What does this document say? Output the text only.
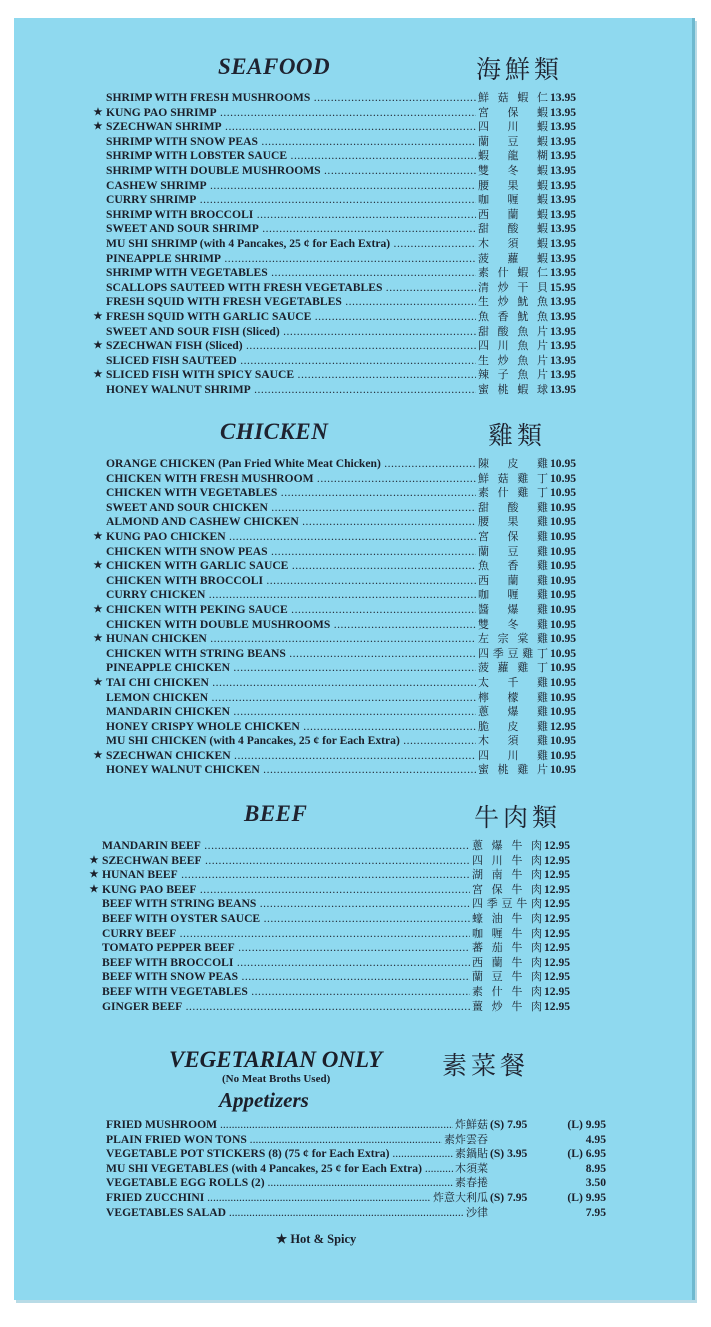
SEAFOOD	海鮮類
SHRIMP WITH FRESH MUSHROOMS .....	鮮菇蝦仁 13.95
★ KUNG PAO SHRIMP .....	宮保蝦 13.95
★ SZECHWAN SHRIMP .....	四川蝦 13.95
SHRIMP WITH SNOW PEAS .....	蘭豆蝦 13.95
SHRIMP WITH LOBSTER SAUCE .....	蝦龍糊 13.95
SHRIMP WITH DOUBLE MUSHROOMS .....	雙冬蝦 13.95
CASHEW SHRIMP .....	腰果蝦 13.95
CURRY SHRIMP .....	咖喱蝦 13.95
SHRIMP WITH BROCCOLI .....	西蘭蝦 13.95
SWEET AND SOUR SHRIMP .....	甜酸蝦 13.95
MU SHI SHRIMP (with 4 Pancakes, 25 ¢ for Each Extra) .....	木須蝦 13.95
PINEAPPLE SHRIMP .....	菠蘿蝦 13.95
SHRIMP WITH VEGETABLES .....	素什蝦仁 13.95
SCALLOPS SAUTEED WITH FRESH VEGETABLES .....	清炒干貝 15.95
FRESH SQUID WITH FRESH VEGETABLES .....	生炒魷魚 13.95
★ FRESH SQUID WITH GARLIC SAUCE .....	魚香魷魚 13.95
SWEET AND SOUR FISH (Sliced) .....	甜酸魚片 13.95
★ SZECHWAN FISH (Sliced) .....	四川魚片 13.95
SLICED FISH SAUTEED .....	生炒魚片 13.95
★ SLICED FISH WITH SPICY SAUCE .....	辣子魚片 13.95
HONEY WALNUT SHRIMP .....	蜜桃蝦球 13.95
CHICKEN	雞類
ORANGE CHICKEN (Pan Fried White Meat Chicken) .....	陳皮雞 10.95
CHICKEN WITH FRESH MUSHROOM .....	鮮菇雞丁 10.95
CHICKEN WITH VEGETABLES .....	素什雞丁 10.95
SWEET AND SOUR CHICKEN .....	甜酸雞 10.95
ALMOND AND CASHEW CHICKEN .....	腰果雞 10.95
★ KUNG PAO CHICKEN .....	宮保雞 10.95
CHICKEN WITH SNOW PEAS .....	蘭豆雞 10.95
★ CHICKEN WITH GARLIC SAUCE .....	魚香雞 10.95
CHICKEN WITH BROCCOLI .....	西蘭雞 10.95
CURRY CHICKEN .....	咖喱雞 10.95
★ CHICKEN WITH PEKING SAUCE .....	醬爆雞 10.95
CHICKEN WITH DOUBLE MUSHROOMS .....	雙冬雞 10.95
★ HUNAN CHICKEN .....	左宗棠雞 10.95
CHICKEN WITH STRING BEANS .....	四季豆雞丁 10.95
PINEAPPLE CHICKEN .....	菠蘿雞丁 10.95
★ TAI CHI CHICKEN .....	太千雞 10.95
LEMON CHICKEN .....	檸檬雞 10.95
MANDARIN CHICKEN .....	蔥爆雞 10.95
HONEY CRISPY WHOLE CHICKEN .....	脆皮雞 12.95
MU SHI CHICKEN (with 4 Pancakes, 25 ¢ for Each Extra) .....	木須雞 10.95
★ SZECHWAN CHICKEN .....	四川雞 10.95
HONEY WALNUT CHICKEN .....	蜜桃雞片 10.95
BEEF	牛肉類
MANDARIN BEEF .....	蔥爆牛肉 12.95
★ SZECHWAN BEEF .....	四川牛肉 12.95
★ HUNAN BEEF .....	湖南牛肉 12.95
★ KUNG PAO BEEF .....	宮保牛肉 12.95
BEEF WITH STRING BEANS .....	四季豆牛肉 12.95
BEEF WITH OYSTER SAUCE .....	蠔油牛肉 12.95
CURRY BEEF .....	咖喱牛肉 12.95
TOMATO PEPPER BEEF .....	蕃茄牛肉 12.95
BEEF WITH BROCCOLI .....	西蘭牛肉 12.95
BEEF WITH SNOW PEAS .....	蘭豆牛肉 12.95
BEEF WITH VEGETABLES .....	素什牛肉 12.95
GINGER BEEF .....	薑炒牛肉 12.95
VEGETARIAN ONLY 素菜餐
(No Meat Broths Used)
Appetizers
FRIED MUSHROOM .....	炸鮮菇 (S) 7.95	(L) 9.95
PLAIN FRIED WON TONS .....	素炸雲吞	4.95
VEGETABLE POT STICKERS (8) (75 ¢ for Each Extra) .....	素鍋貼 (S) 3.95	(L) 6.95
MU SHI VEGETABLES (with 4 Pancakes, 25 ¢ for Each Extra) .....	木須菜	8.95
VEGETABLE EGG ROLLS (2) .....	素春捲	3.50
FRIED ZUCCHINI .....	炸意大利瓜 (S) 7.95	(L) 9.95
VEGETABLES SALAD .....	沙律	7.95
★ Hot & Spicy
